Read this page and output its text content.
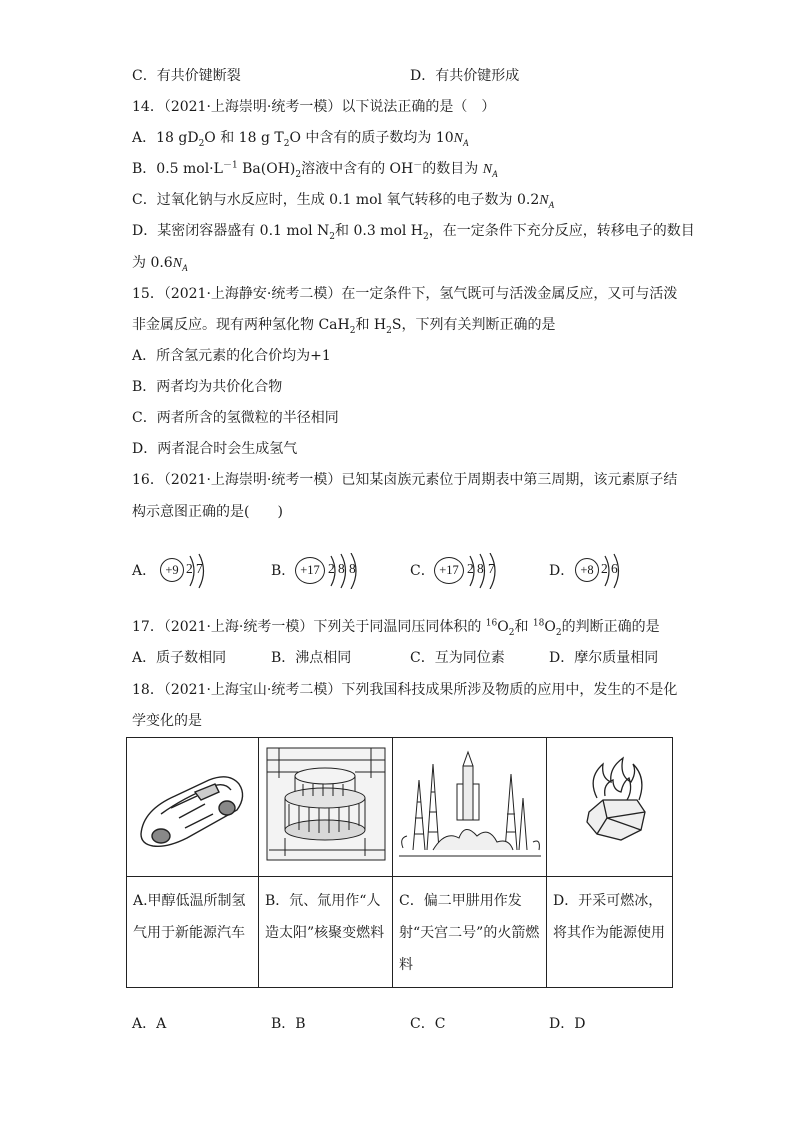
C．有共价键断裂	D．有共价键形成
14．（2021·上海崇明·统考一模）以下说法正确的是（　）
A．18 $gD_2O$ 和 18 g $T_2O$ 中含有的质子数均为 $10N_A$
B．0.5 $mol\cdot L^{-1}$ $Ba(OH)_2$溶液中含有的 OH－的数目为 $N_A$
C．过氧化钠与水反应时，生成 0.1 mol 氧气转移的电子数为 $0.2N_A$
D．某密闭容器盛有 0.1 mol $N_2$和 0.3 mol $H_2$，在一定条件下充分反应，转移电子的数目
为 $0.6N_A$
15．（2021·上海静安·统考二模）在一定条件下，氢气既可与活泼金属反应，又可与活泼
非金属反应。现有两种氢化物 CaH$_2$和 $H_2S$，下列有关判断正确的是
A．所含氢元素的化合价均为+1
B．两者均为共价化合物
C．两者所含的氢微粒的半径相同
D．两者混合时会生成氢气
16．（2021·上海崇明·统考一模）已知某卤族元素位于周期表中第三周期，该元素原子结
构示意图正确的是(　　)
A． +9 2 7	B． +17 2 8 8	C． +17 2 8 7	D． +8 2 6
17．（2021·上海·统考一模）下列关于同温同压同体积的 $^{16}O_2$和 $^{18}O_2$的判断正确的是
A．质子数相同	B．沸点相同	C．互为同位素	D．摩尔质量相同
18．（2021·上海宝山·统考二模）下列我国科技成果所涉及物质的应用中，发生的不是化
学变化的是

A.甲醇低温所制氢气用于新能源汽车	B．氘、氚用作“人造太阳”核聚变燃料	C．偏二甲肼用作发射“天宫二号”的火箭燃料	D．开采可燃冰，将其作为能源使用
A．A	B．B	C．C	D．D
